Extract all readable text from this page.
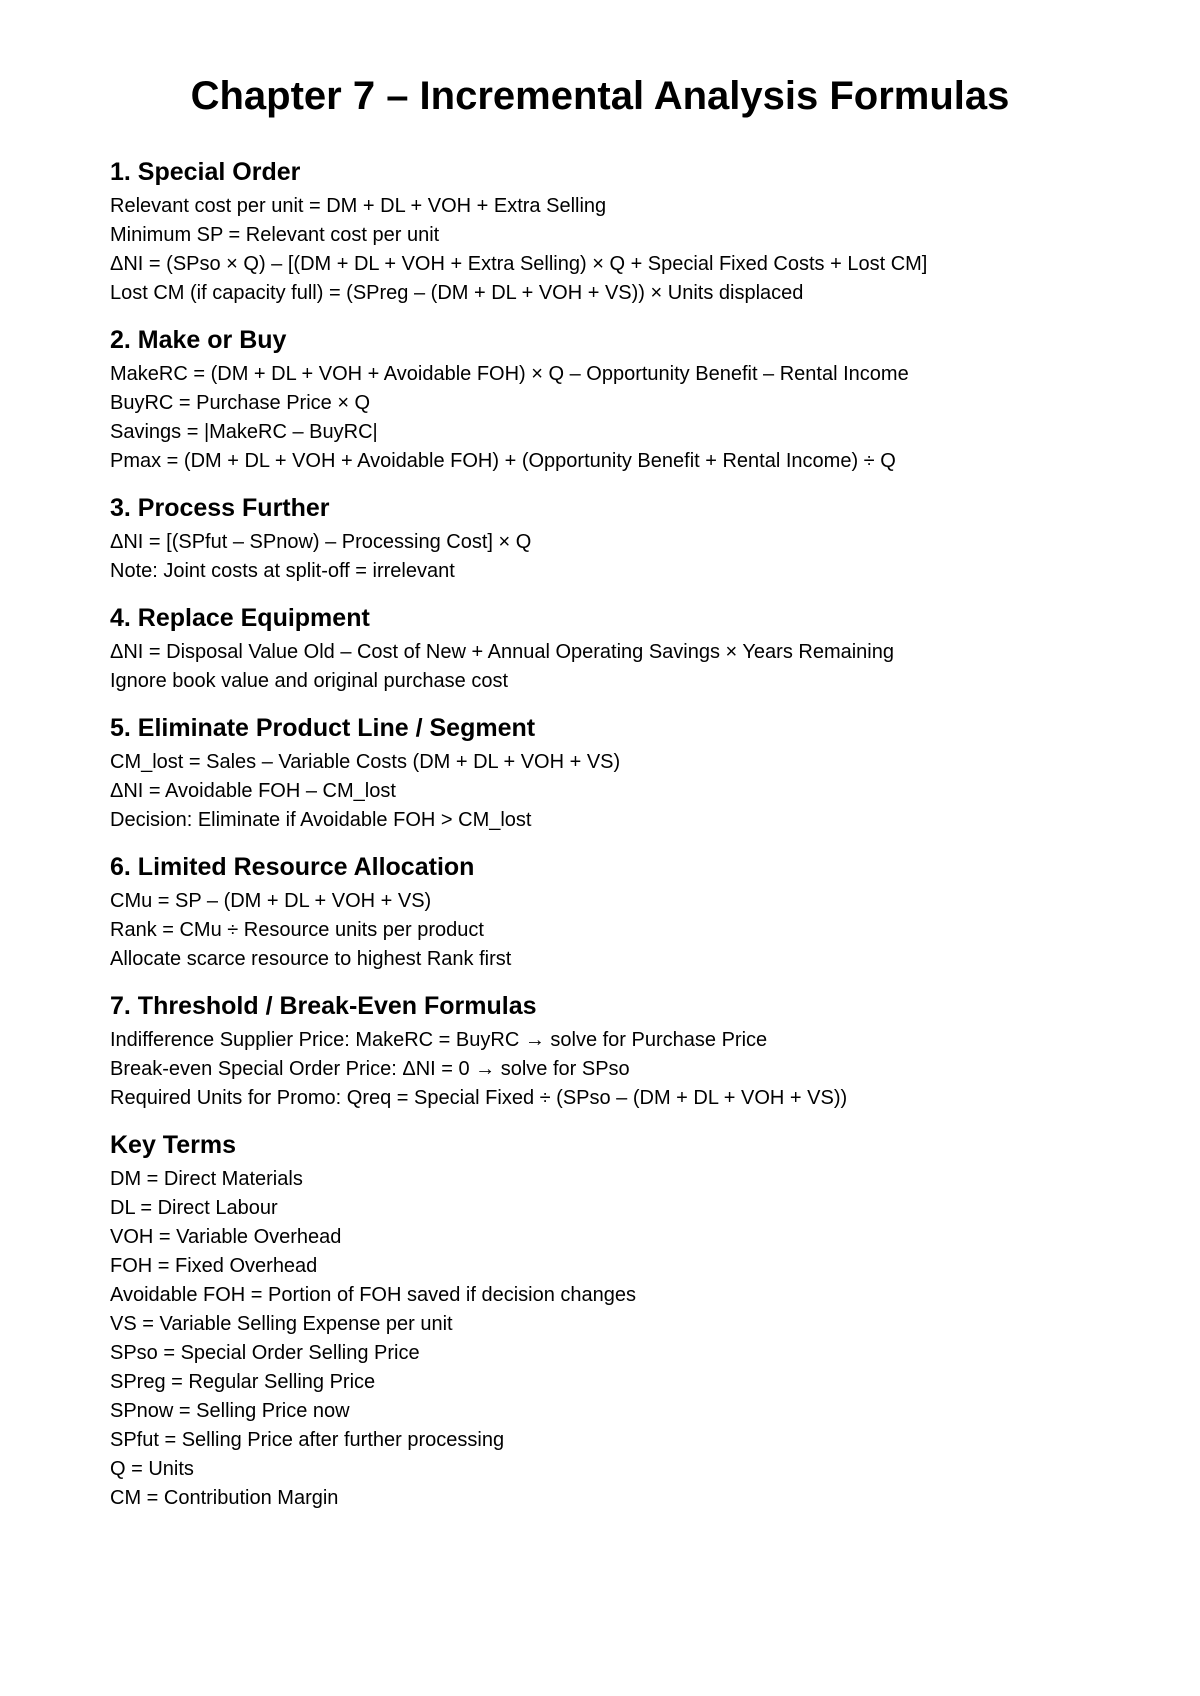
Chapter 7 – Incremental Analysis Formulas
1. Special Order

Relevant cost per unit = DM + DL + VOH + Extra Selling

Minimum SP = Relevant cost per unit

ΔNI = (SPso × Q) – [(DM + DL + VOH + Extra Selling) × Q + Special Fixed Costs + Lost CM]

Lost CM (if capacity full) = (SPreg – (DM + DL + VOH + VS)) × Units displaced

2. Make or Buy

MakeRC = (DM + DL + VOH + Avoidable FOH) × Q – Opportunity Benefit – Rental Income

BuyRC = Purchase Price × Q

Savings = |MakeRC – BuyRC|

Pmax = (DM + DL + VOH + Avoidable FOH) + (Opportunity Benefit + Rental Income) ÷ Q

3. Process Further

ΔNI = [(SPfut – SPnow) – Processing Cost] × Q

Note: Joint costs at split-off = irrelevant

4. Replace Equipment

ΔNI = Disposal Value Old – Cost of New + Annual Operating Savings × Years Remaining

Ignore book value and original purchase cost

5. Eliminate Product Line / Segment

CM_lost = Sales – Variable Costs (DM + DL + VOH + VS)

ΔNI = Avoidable FOH – CM_lost

Decision: Eliminate if Avoidable FOH > CM_lost

6. Limited Resource Allocation

CMu = SP – (DM + DL + VOH + VS)

Rank = CMu ÷ Resource units per product

Allocate scarce resource to highest Rank first

7. Threshold / Break-Even Formulas

Indifference Supplier Price: MakeRC = BuyRC → solve for Purchase Price

Break-even Special Order Price: ΔNI = 0 → solve for SPso

Required Units for Promo: Qreq = Special Fixed ÷ (SPso – (DM + DL + VOH + VS))

Key Terms

DM = Direct Materials

DL = Direct Labour

VOH = Variable Overhead

FOH = Fixed Overhead

Avoidable FOH = Portion of FOH saved if decision changes

VS = Variable Selling Expense per unit

SPso = Special Order Selling Price

SPreg = Regular Selling Price

SPnow = Selling Price now

SPfut = Selling Price after further processing

Q = Units

CM = Contribution Margin
